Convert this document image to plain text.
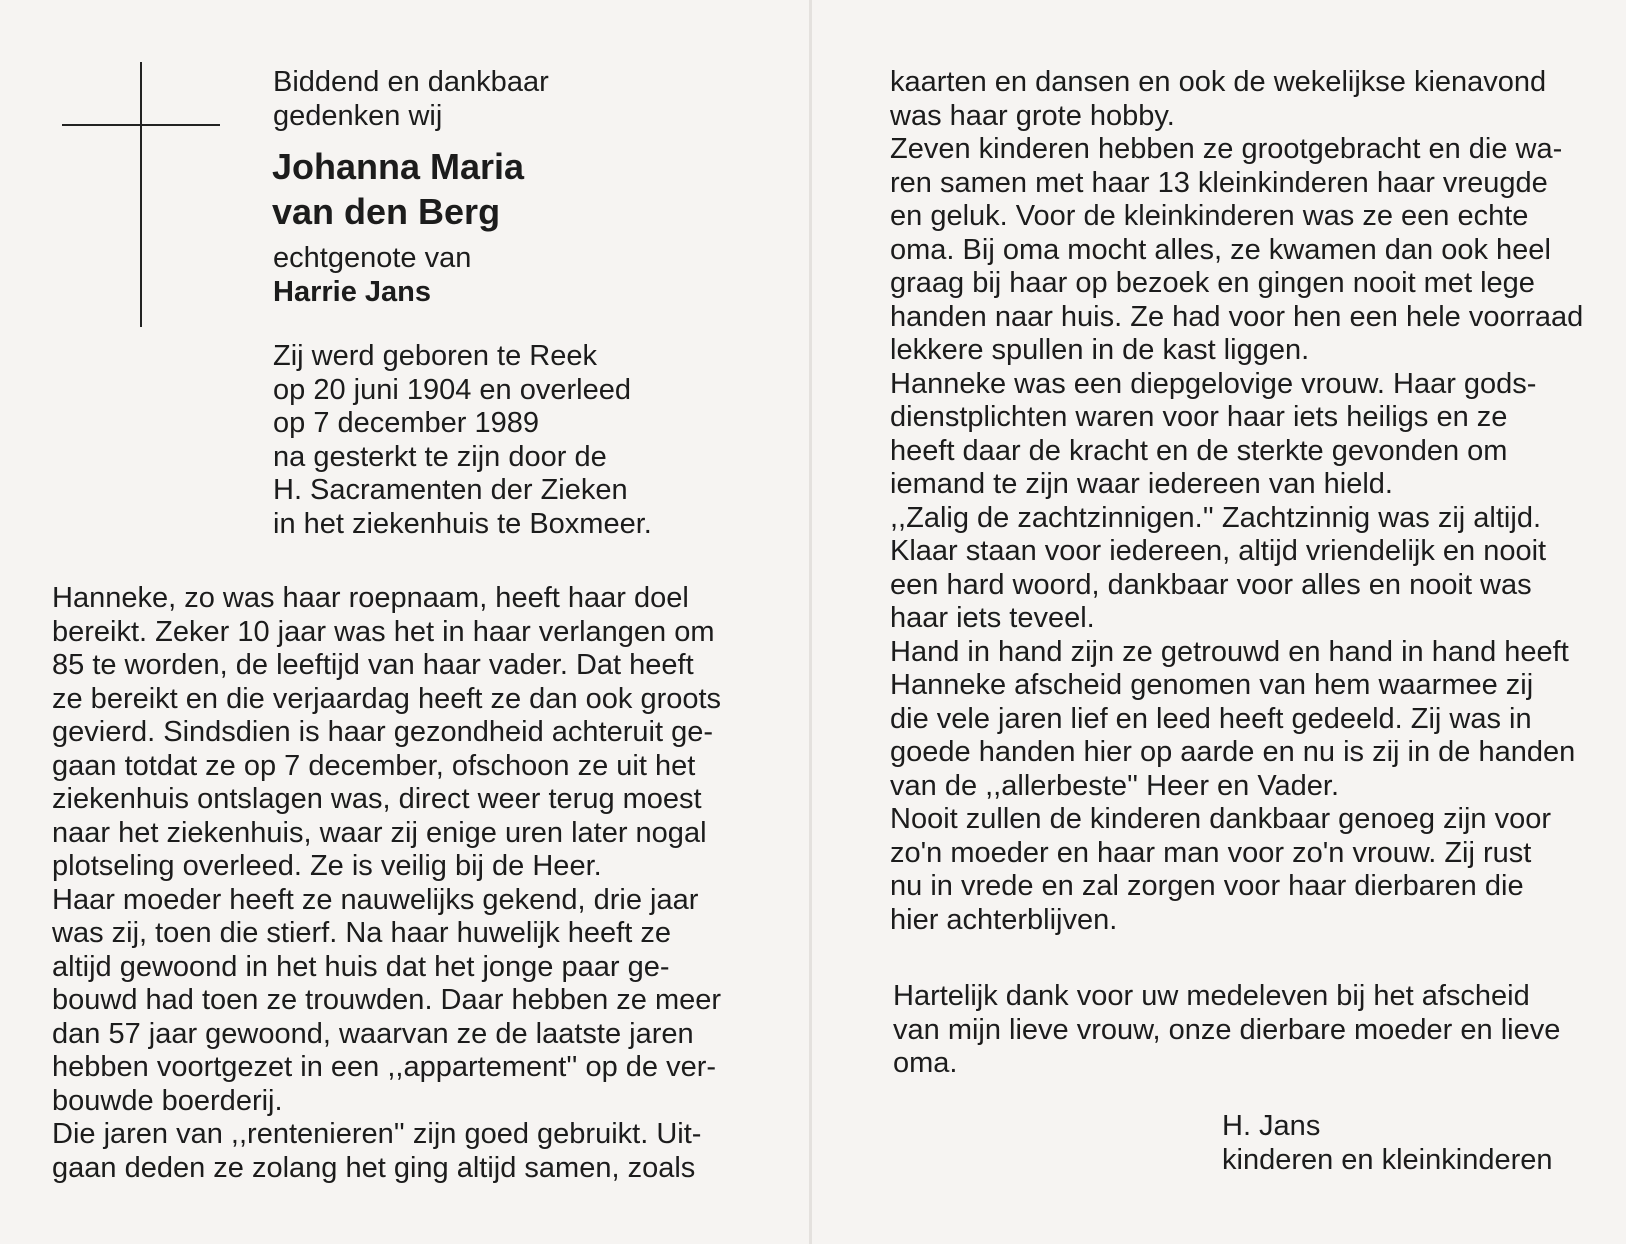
Biddend en dankbaar
gedenken wij
Johanna Maria
van den Berg
echtgenote van
Harrie Jans
Zij werd geboren te Reek
op 20 juni 1904 en overleed
op 7 december 1989
na gesterkt te zijn door de
H. Sacramenten der Zieken
in het ziekenhuis te Boxmeer.
Hanneke, zo was haar roepnaam, heeft haar doel
bereikt. Zeker 10 jaar was het in haar verlangen om
85 te worden, de leeftijd van haar vader. Dat heeft
ze bereikt en die verjaardag heeft ze dan ook groots
gevierd. Sindsdien is haar gezondheid achteruit ge-
gaan totdat ze op 7 december, ofschoon ze uit het
ziekenhuis ontslagen was, direct weer terug moest
naar het ziekenhuis, waar zij enige uren later nogal
plotseling overleed. Ze is veilig bij de Heer.
Haar moeder heeft ze nauwelijks gekend, drie jaar
was zij, toen die stierf. Na haar huwelijk heeft ze
altijd gewoond in het huis dat het jonge paar ge-
bouwd had toen ze trouwden. Daar hebben ze meer
dan 57 jaar gewoond, waarvan ze de laatste jaren
hebben voortgezet in een ,,appartement'' op de ver-
bouwde boerderij.
Die jaren van ,,rentenieren'' zijn goed gebruikt. Uit-
gaan deden ze zolang het ging altijd samen, zoals
kaarten en dansen en ook de wekelijkse kienavond
was haar grote hobby.
Zeven kinderen hebben ze grootgebracht en die wa-
ren samen met haar 13 kleinkinderen haar vreugde
en geluk. Voor de kleinkinderen was ze een echte
oma. Bij oma mocht alles, ze kwamen dan ook heel
graag bij haar op bezoek en gingen nooit met lege
handen naar huis. Ze had voor hen een hele voorraad
lekkere spullen in de kast liggen.
Hanneke was een diepgelovige vrouw. Haar gods-
dienstplichten waren voor haar iets heiligs en ze
heeft daar de kracht en de sterkte gevonden om
iemand te zijn waar iedereen van hield.
,,Zalig de zachtzinnigen.'' Zachtzinnig was zij altijd.
Klaar staan voor iedereen, altijd vriendelijk en nooit
een hard woord, dankbaar voor alles en nooit was
haar iets teveel.
Hand in hand zijn ze getrouwd en hand in hand heeft
Hanneke afscheid genomen van hem waarmee zij
die vele jaren lief en leed heeft gedeeld. Zij was in
goede handen hier op aarde en nu is zij in de handen
van de ,,allerbeste'' Heer en Vader.
Nooit zullen de kinderen dankbaar genoeg zijn voor
zo'n moeder en haar man voor zo'n vrouw. Zij rust
nu in vrede en zal zorgen voor haar dierbaren die
hier achterblijven.
Hartelijk dank voor uw medeleven bij het afscheid
van mijn lieve vrouw, onze dierbare moeder en lieve
oma.
H. Jans
kinderen en kleinkinderen
